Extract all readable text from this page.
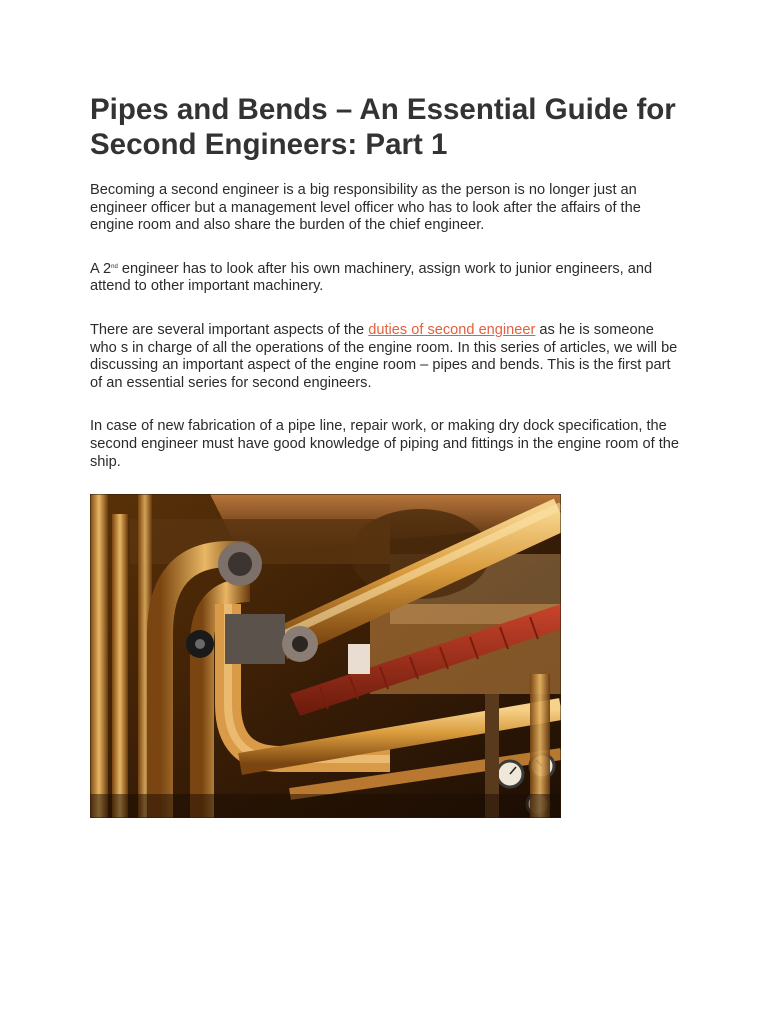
Pipes and Bends – An Essential Guide for Second Engineers: Part 1

Becoming a second engineer is a big responsibility as the person is no longer just an engineer officer but a management level officer who has to look after the affairs of the engine room and also share the burden of the chief engineer.

A 2nd engineer has to look after his own machinery, assign work to junior engineers, and attend to other important machinery.

There are several important aspects of the duties of second engineer as he is someone who s in charge of all the operations of the engine room. In this series of articles, we will be discussing an important aspect of the engine room – pipes and bends. This is the first part of an essential series for second engineers.

In case of new fabrication of a pipe line, repair work, or making dry dock specification, the second engineer must have good knowledge of piping and fittings in the engine room of the ship.
